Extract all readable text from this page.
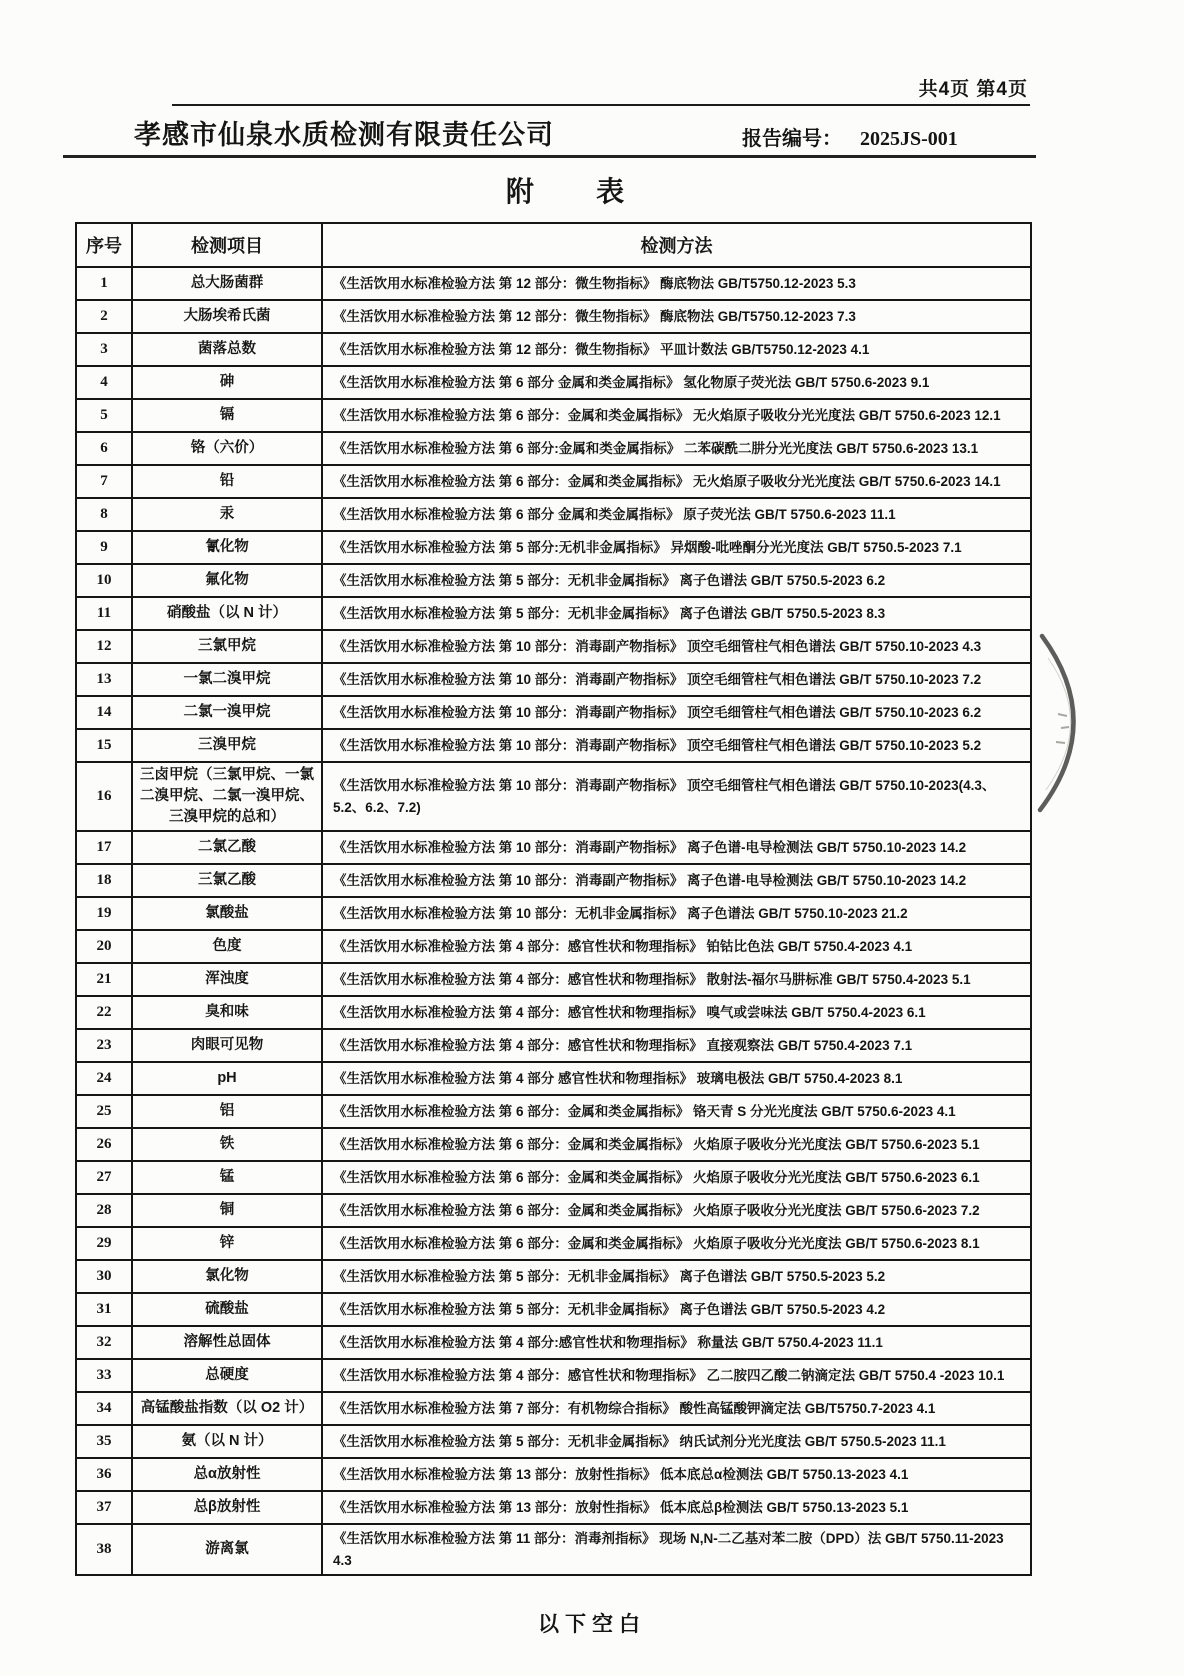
共4页 第4页
孝感市仙泉水质检测有限责任公司	报告编号： 2025JS-001
附        表
序号	检测项目	检测方法
1	总大肠菌群	《生活饮用水标准检验方法 第 12 部分：微生物指标》 酶底物法 GB/T5750.12-2023 5.3
2	大肠埃希氏菌	《生活饮用水标准检验方法 第 12 部分：微生物指标》 酶底物法 GB/T5750.12-2023 7.3
3	菌落总数	《生活饮用水标准检验方法 第 12 部分：微生物指标》 平皿计数法 GB/T5750.12-2023 4.1
4	砷	《生活饮用水标准检验方法 第 6 部分 金属和类金属指标》 氢化物原子荧光法 GB/T 5750.6-2023 9.1
5	镉	《生活饮用水标准检验方法 第 6 部分：金属和类金属指标》 无火焰原子吸收分光光度法 GB/T 5750.6-2023 12.1
6	铬（六价）	《生活饮用水标准检验方法 第 6 部分:金属和类金属指标》 二苯碳酰二肼分光光度法 GB/T 5750.6-2023 13.1
7	铅	《生活饮用水标准检验方法 第 6 部分：金属和类金属指标》 无火焰原子吸收分光光度法 GB/T 5750.6-2023 14.1
8	汞	《生活饮用水标准检验方法 第 6 部分 金属和类金属指标》 原子荧光法 GB/T 5750.6-2023 11.1
9	氰化物	《生活饮用水标准检验方法 第 5 部分:无机非金属指标》 异烟酸-吡唑酮分光光度法 GB/T 5750.5-2023 7.1
10	氟化物	《生活饮用水标准检验方法 第 5 部分：无机非金属指标》 离子色谱法 GB/T 5750.5-2023 6.2
11	硝酸盐（以 N 计）	《生活饮用水标准检验方法 第 5 部分：无机非金属指标》 离子色谱法 GB/T 5750.5-2023 8.3
12	三氯甲烷	《生活饮用水标准检验方法 第 10 部分：消毒副产物指标》 顶空毛细管柱气相色谱法 GB/T 5750.10-2023 4.3
13	一氯二溴甲烷	《生活饮用水标准检验方法 第 10 部分：消毒副产物指标》 顶空毛细管柱气相色谱法 GB/T 5750.10-2023 7.2
14	二氯一溴甲烷	《生活饮用水标准检验方法 第 10 部分：消毒副产物指标》 顶空毛细管柱气相色谱法 GB/T 5750.10-2023 6.2
15	三溴甲烷	《生活饮用水标准检验方法 第 10 部分：消毒副产物指标》 顶空毛细管柱气相色谱法 GB/T 5750.10-2023 5.2
16	三卤甲烷（三氯甲烷、一氯二溴甲烷、二氯一溴甲烷、三溴甲烷的总和）	《生活饮用水标准检验方法 第 10 部分：消毒副产物指标》 顶空毛细管柱气相色谱法 GB/T 5750.10-2023(4.3、5.2、6.2、7.2)
17	二氯乙酸	《生活饮用水标准检验方法 第 10 部分：消毒副产物指标》 离子色谱-电导检测法 GB/T 5750.10-2023 14.2
18	三氯乙酸	《生活饮用水标准检验方法 第 10 部分：消毒副产物指标》 离子色谱-电导检测法 GB/T 5750.10-2023 14.2
19	氯酸盐	《生活饮用水标准检验方法 第 10 部分：无机非金属指标》 离子色谱法 GB/T 5750.10-2023 21.2
20	色度	《生活饮用水标准检验方法 第 4 部分：感官性状和物理指标》 铂钴比色法 GB/T 5750.4-2023 4.1
21	浑浊度	《生活饮用水标准检验方法 第 4 部分：感官性状和物理指标》 散射法-福尔马肼标准 GB/T 5750.4-2023 5.1
22	臭和味	《生活饮用水标准检验方法 第 4 部分：感官性状和物理指标》 嗅气或尝味法 GB/T 5750.4-2023 6.1
23	肉眼可见物	《生活饮用水标准检验方法 第 4 部分：感官性状和物理指标》 直接观察法 GB/T 5750.4-2023 7.1
24	pH	《生活饮用水标准检验方法 第 4 部分 感官性状和物理指标》 玻璃电极法 GB/T 5750.4-2023 8.1
25	铝	《生活饮用水标准检验方法 第 6 部分：金属和类金属指标》 铬天青 S 分光光度法 GB/T 5750.6-2023 4.1
26	铁	《生活饮用水标准检验方法 第 6 部分：金属和类金属指标》 火焰原子吸收分光光度法 GB/T 5750.6-2023 5.1
27	锰	《生活饮用水标准检验方法 第 6 部分：金属和类金属指标》 火焰原子吸收分光光度法 GB/T 5750.6-2023 6.1
28	铜	《生活饮用水标准检验方法 第 6 部分：金属和类金属指标》 火焰原子吸收分光光度法 GB/T 5750.6-2023 7.2
29	锌	《生活饮用水标准检验方法 第 6 部分：金属和类金属指标》 火焰原子吸收分光光度法 GB/T 5750.6-2023 8.1
30	氯化物	《生活饮用水标准检验方法 第 5 部分：无机非金属指标》 离子色谱法 GB/T 5750.5-2023 5.2
31	硫酸盐	《生活饮用水标准检验方法 第 5 部分：无机非金属指标》 离子色谱法 GB/T 5750.5-2023 4.2
32	溶解性总固体	《生活饮用水标准检验方法 第 4 部分:感官性状和物理指标》 称量法 GB/T 5750.4-2023 11.1
33	总硬度	《生活饮用水标准检验方法 第 4 部分：感官性状和物理指标》 乙二胺四乙酸二钠滴定法 GB/T 5750.4 -2023 10.1
34	高锰酸盐指数（以 O2 计）	《生活饮用水标准检验方法 第 7 部分：有机物综合指标》 酸性高锰酸钾滴定法 GB/T5750.7-2023 4.1
35	氨（以 N 计）	《生活饮用水标准检验方法 第 5 部分：无机非金属指标》 纳氏试剂分光光度法 GB/T 5750.5-2023 11.1
36	总α放射性	《生活饮用水标准检验方法 第 13 部分：放射性指标》 低本底总α检测法 GB/T 5750.13-2023 4.1
37	总β放射性	《生活饮用水标准检验方法 第 13 部分：放射性指标》 低本底总β检测法 GB/T 5750.13-2023 5.1
38	游离氯	《生活饮用水标准检验方法 第 11 部分：消毒剂指标》 现场 N,N-二乙基对苯二胺（DPD）法 GB/T 5750.11-2023 4.3
以下空白
